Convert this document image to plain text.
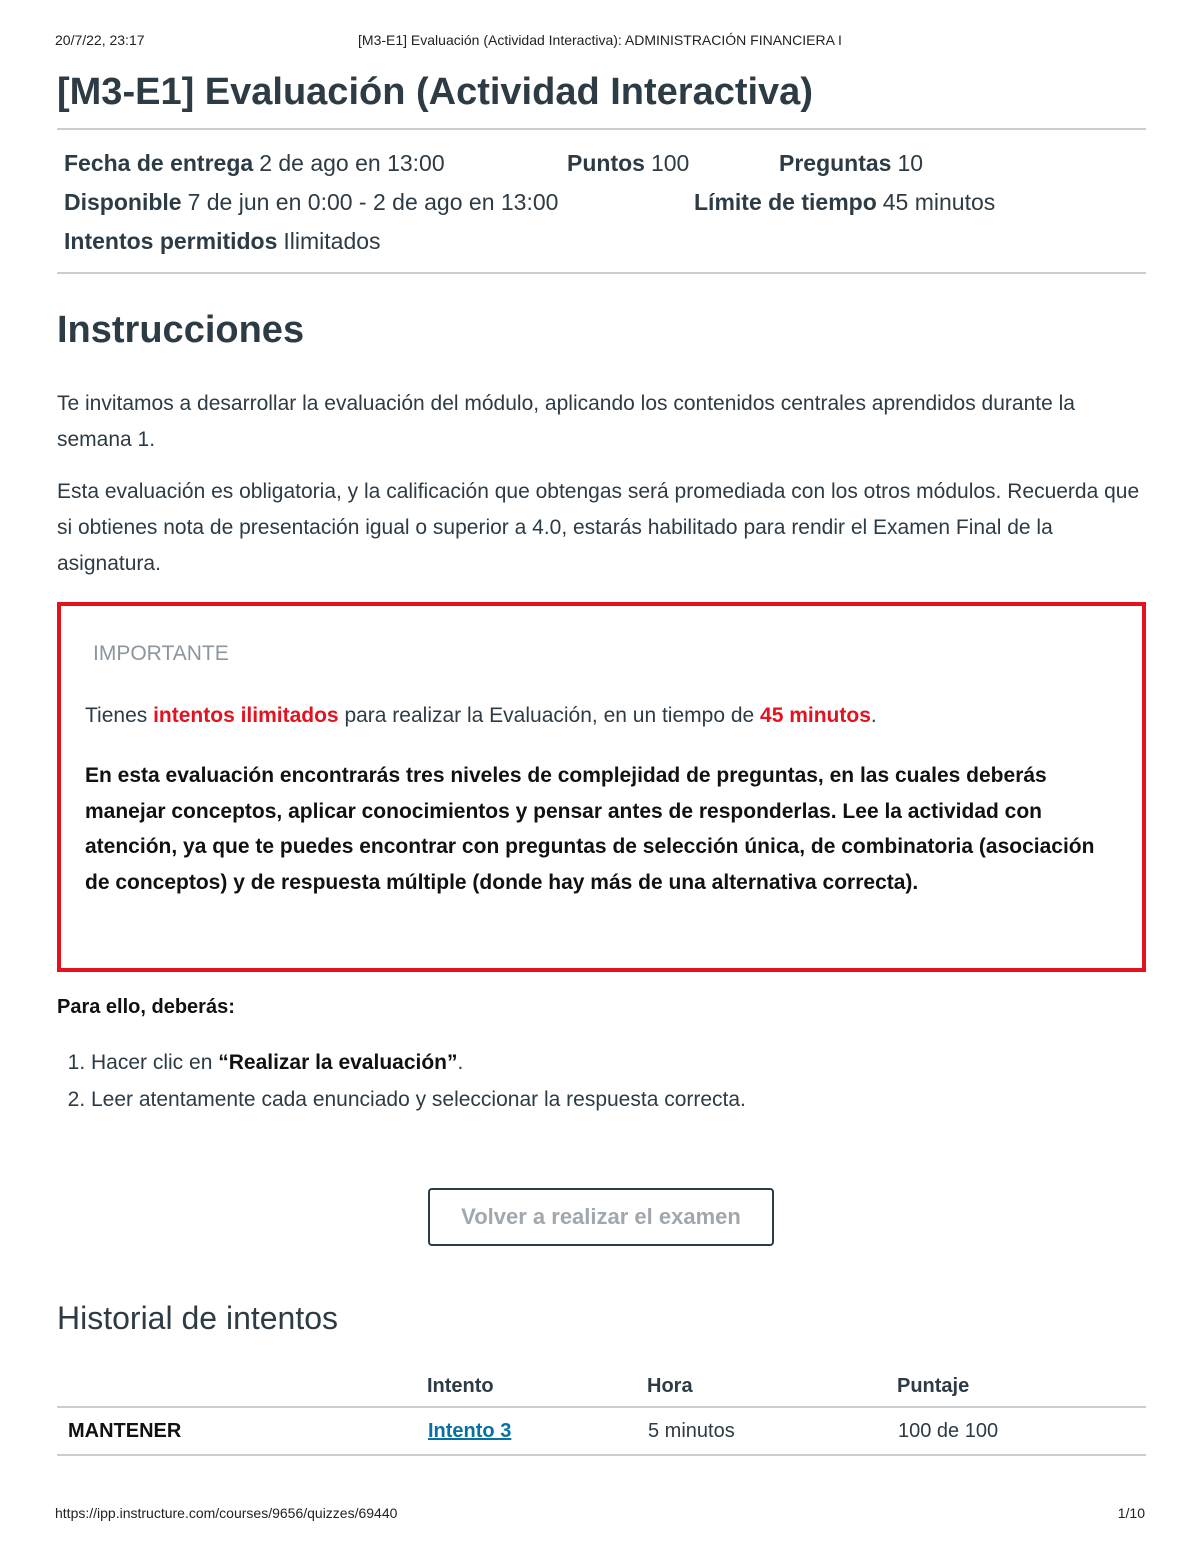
20/7/22, 23:17	[M3-E1] Evaluación (Actividad Interactiva): ADMINISTRACIÓN FINANCIERA I
[M3-E1] Evaluación (Actividad Interactiva)
Fecha de entrega 2 de ago en 13:00	Puntos 100	Preguntas 10
Disponible 7 de jun en 0:00 - 2 de ago en 13:00	Límite de tiempo 45 minutos
Intentos permitidos Ilimitados
Instrucciones

Te invitamos a desarrollar la evaluación del módulo, aplicando los contenidos centrales aprendidos durante la semana 1.

Esta evaluación es obligatoria, y la calificación que obtengas será promediada con los otros módulos. Recuerda que si obtienes nota de presentación igual o superior a 4.0, estarás habilitado para rendir el Examen Final de la asignatura.

IMPORTANTE
Tienes intentos ilimitados para realizar la Evaluación, en un tiempo de 45 minutos.
En esta evaluación encontrarás tres niveles de complejidad de preguntas, en las cuales deberás manejar conceptos, aplicar conocimientos y pensar antes de responderlas. Lee la actividad con atención, ya que te puedes encontrar con preguntas de selección única, de combinatoria (asociación de conceptos) y de respuesta múltiple (donde hay más de una alternativa correcta).
Para ello, deberás:
1. Hacer clic en “Realizar la evaluación”.
2. Leer atentamente cada enunciado y seleccionar la respuesta correcta.
Volver a realizar el examen
Historial de intentos
	Intento	Hora	Puntaje
MANTENER	Intento 3	5 minutos	100 de 100
https://ipp.instructure.com/courses/9656/quizzes/69440	1/10
